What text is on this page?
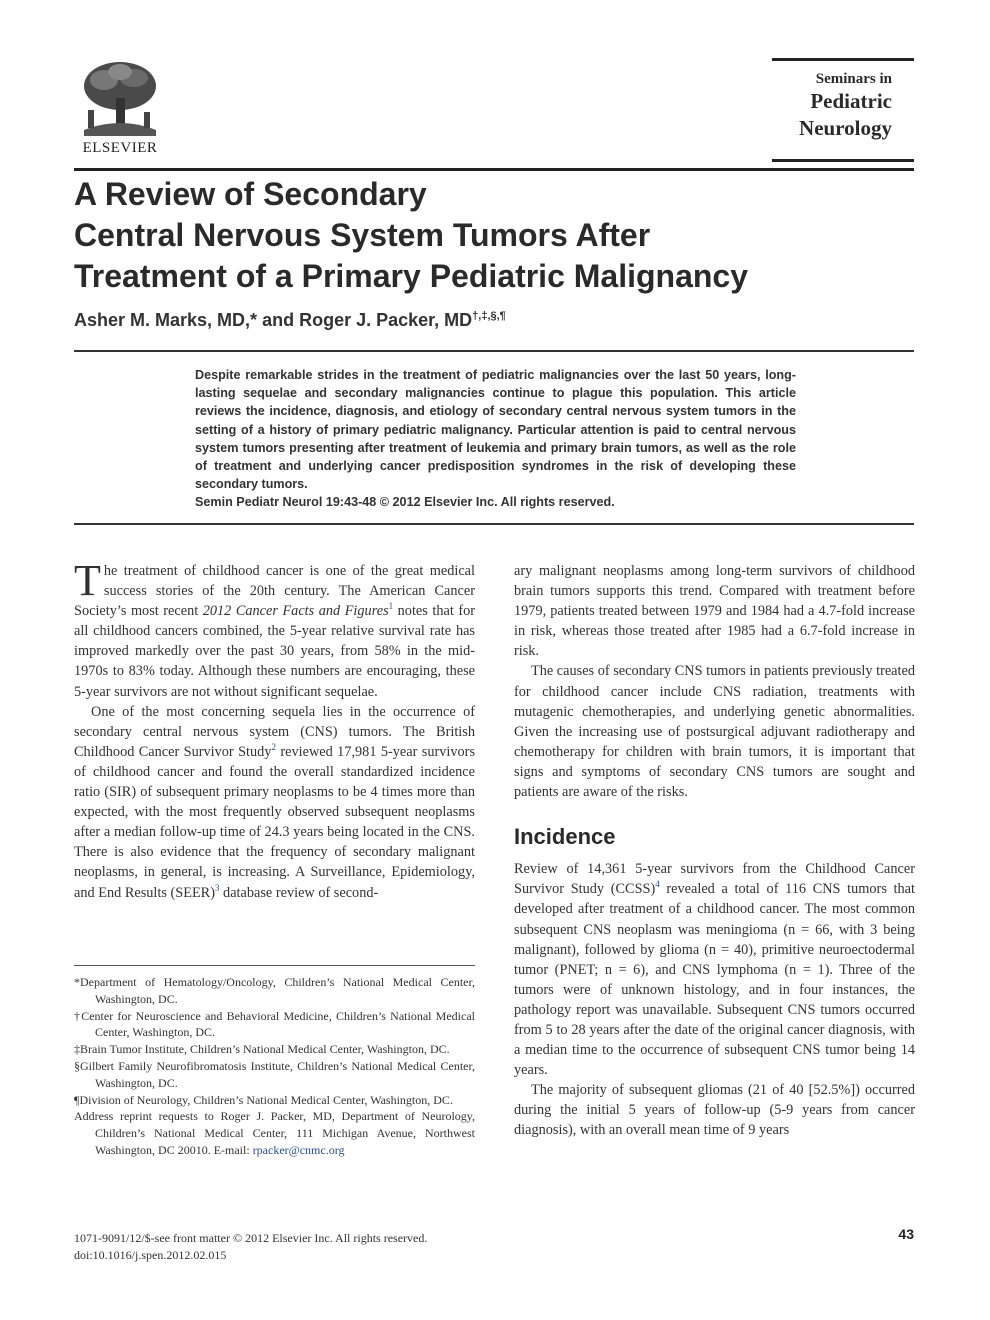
ELSEVIER
Seminars in
Pediatric
Neurology
A Review of Secondary
Central Nervous System Tumors After
Treatment of a Primary Pediatric Malignancy
Asher M. Marks, MD,* and Roger J. Packer, MD†,‡,§,¶
Despite remarkable strides in the treatment of pediatric malignancies over the last 50 years, long-lasting sequelae and secondary malignancies continue to plague this population. This article reviews the incidence, diagnosis, and etiology of secondary central nervous system tumors in the setting of a history of primary pediatric malignancy. Particular attention is paid to central nervous system tumors presenting after treatment of leukemia and primary brain tumors, as well as the role of treatment and underlying cancer predisposition syndromes in the risk of developing these secondary tumors.
Semin Pediatr Neurol 19:43-48 © 2012 Elsevier Inc. All rights reserved.

The treatment of childhood cancer is one of the great medical success stories of the 20th century. The American Cancer Society’s most recent 2012 Cancer Facts and Figures$^1$ notes that for all childhood cancers combined, the 5-year relative survival rate has improved markedly over the past 30 years, from 58% in the mid-1970s to 83% today. Although these numbers are encouraging, these 5-year survivors are not without significant sequelae.

One of the most concerning sequela lies in the occurrence of secondary central nervous system (CNS) tumors. The British Childhood Cancer Survivor Study$^2$ reviewed 17,981 5-year survivors of childhood cancer and found the overall standardized incidence ratio (SIR) of subsequent primary neoplasms to be 4 times more than expected, with the most frequently observed subsequent neoplasms after a median follow-up time of 24.3 years being located in the CNS. There is also evidence that the frequency of secondary malignant neoplasms, in general, is increasing. A Surveillance, Epidemiology, and End Results (SEER)$^3$ database review of second-

ary malignant neoplasms among long-term survivors of childhood brain tumors supports this trend. Compared with treatment before 1979, patients treated between 1979 and 1984 had a 4.7-fold increase in risk, whereas those treated after 1985 had a 6.7-fold increase in risk.

The causes of secondary CNS tumors in patients previously treated for childhood cancer include CNS radiation, treatments with mutagenic chemotherapies, and underlying genetic abnormalities. Given the increasing use of postsurgical adjuvant radiotherapy and chemotherapy for children with brain tumors, it is important that signs and symptoms of secondary CNS tumors are sought and patients are aware of the risks.

Incidence

Review of 14,361 5-year survivors from the Childhood Cancer Survivor Study (CCSS)$^4$ revealed a total of 116 CNS tumors that developed after treatment of a childhood cancer. The most common subsequent CNS neoplasm was meningioma (n = 66, with 3 being malignant), followed by glioma (n = 40), primitive neuroectodermal tumor (PNET; n = 6), and CNS lymphoma (n = 1). Three of the tumors were of unknown histology, and in four instances, the pathology report was unavailable. Subsequent CNS tumors occurred from 5 to 28 years after the date of the original cancer diagnosis, with a median time to the occurrence of subsequent CNS tumor being 14 years.

The majority of subsequent gliomas (21 of 40 [52.5%]) occurred during the initial 5 years of follow-up (5-9 years from cancer diagnosis), with an overall mean time of 9 years

*Department of Hematology/Oncology, Children’s National Medical Center, Washington, DC.
†Center for Neuroscience and Behavioral Medicine, Children’s National Medical Center, Washington, DC.
‡Brain Tumor Institute, Children’s National Medical Center, Washington, DC.
§Gilbert Family Neurofibromatosis Institute, Children’s National Medical Center, Washington, DC.
¶Division of Neurology, Children’s National Medical Center, Washington, DC.
Address reprint requests to Roger J. Packer, MD, Department of Neurology, Children’s National Medical Center, 111 Michigan Avenue, Northwest Washington, DC 20010. E-mail: rpacker@cnmc.org
1071-9091/12/$-see front matter © 2012 Elsevier Inc. All rights reserved.
doi:10.1016/j.spen.2012.02.015
43
